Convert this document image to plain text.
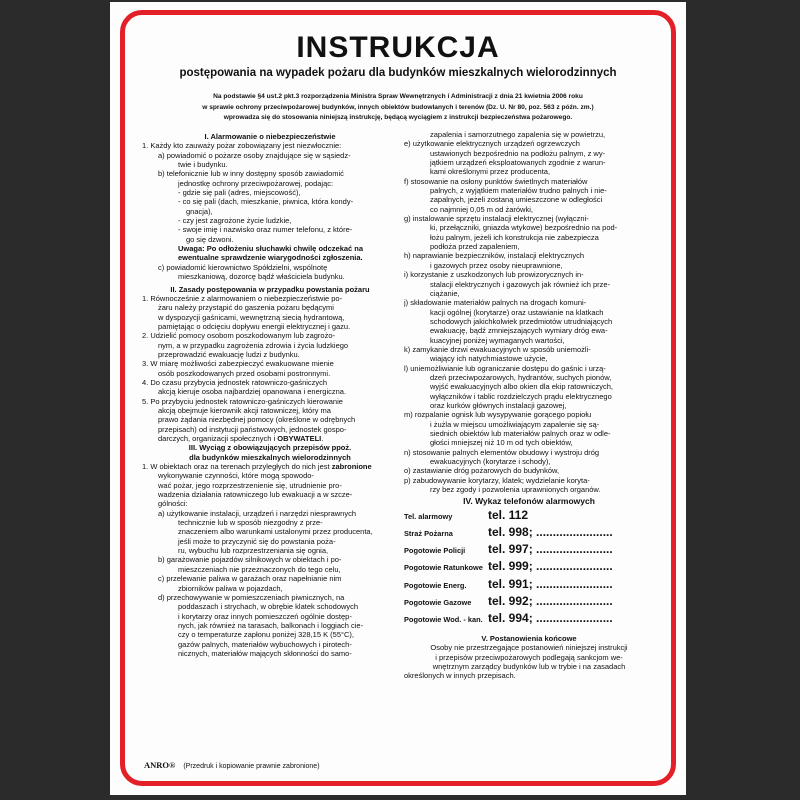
INSTRUKCJA
postępowania na wypadek pożaru dla budynków mieszkalnych wielorodzinnych
Na podstawie §4 ust.2 pkt.3 rozporządzenia Ministra Spraw Wewnętrznych i Administracji z dnia 21 kwietnia 2006 roku
w sprawie ochrony przeciwpożarowej budynków, innych obiektów budowlanych i terenów (Dz. U. Nr 80, poz. 563 z późn. zm.)
wprowadza się do stosowania niniejszą instrukcję, będącą wyciągiem z instrukcji bezpieczeństwa pożarowego.
I. Alarmowanie o niebezpieczeństwie
1. Każdy kto zauważy pożar zobowiązany jest niezwłocznie:
a) powiadomić o pożarze osoby znajdujące się w sąsiedz-
twie i budynku.
b) telefonicznie lub w inny dostępny sposób zawiadomić
jednostkę ochrony przeciwpożarowej, podając:
- gdzie się pali (adres, miejscowość),
- co się pali (dach, mieszkanie, piwnica, która kondy-
gnacja),
- czy jest zagrożone życie ludzkie,
- swoje imię i nazwisko oraz numer telefonu, z które-
go się dzwoni.
Uwaga: Po odłożeniu słuchawki chwilę odczekać na
ewentualne sprawdzenie wiarygodności zgłoszenia.
c) powiadomić kierownictwo Spółdzielni, wspólnotę
mieszkaniową, dozorcę bądź właściciela budynku.
II. Zasady postępowania w przypadku powstania pożaru
1. Równocześnie z alarmowaniem o niebezpieczeństwie po-
żaru należy przystąpić do gaszenia pożaru będącymi
w dyspozycji gaśnicami, wewnętrzną siecią hydrantową,
pamiętając o odcięciu dopływu energii elektrycznej i gazu.
2. Udzielić pomocy osobom poszkodowanym lub zagrożo-
nym, a w przypadku zagrożenia zdrowia i życia ludzkiego
przeprowadzić ewakuację ludzi z budynku.
3. W miarę możliwości zabezpieczyć ewakuowane mienie
osób poszkodowanych przed osobami postronnymi.
4. Do czasu przybycia jednostek ratowniczo-gaśniczych
akcją kieruje osoba najbardziej opanowana i energiczna.
5. Po przybyciu jednostek ratowniczo-gaśniczych kierowanie
akcją obejmuje kierownik akcji ratowniczej, który ma
prawo żądania niezbędnej pomocy (określone w odrębnych
przepisach) od instytucji państwowych, jednostek gospo-
darczych, organizacji społecznych i OBYWATELI.
III. Wyciąg z obowiązujących przepisów ppoż.
dla budynków mieszkalnych wielorodzinnych
1. W obiektach oraz na terenach przyległych do nich jest zabronione
wykonywanie czynności, które mogą spowodo-
wać pożar, jego rozprzestrzenienie się, utrudnienie pro-
wadzenia działania ratowniczego lub ewakuacji a w szcze-
gólności:
a) użytkowanie instalacji, urządzeń i narzędzi niesprawnych
technicznie lub w sposób niezgodny z prze-
znaczeniem albo warunkami ustalonymi przez producenta,
jeśli może to przyczynić się do powstania poża-
ru, wybuchu lub rozprzestrzeniania się ognia,
b) garażowanie pojazdów silnikowych w obiektach i po-
mieszczeniach nie przeznaczonych do tego celu,
c) przelewanie paliwa w garażach oraz napełnianie nim
zbiorników paliwa w pojazdach,
d) przechowywanie w pomieszczeniach piwnicznych, na
poddaszach i strychach, w obrębie klatek schodowych
i korytarzy oraz innych pomieszczeń ogólnie dostęp-
nych, jak również na tarasach, balkonach i loggiach cie-
czy o temperaturze zapłonu poniżej 328,15 K (55°C),
gazów palnych, materiałów wybuchowych i pirotech-
nicznych, materiałów mających skłonności do samo-
zapalenia i samorzutnego zapalenia się w powietrzu,
e) użytkowanie elektrycznych urządzeń ogrzewczych
ustawionych bezpośrednio na podłożu palnym, z wy-
jątkiem urządzeń eksploatowanych zgodnie z warun-
kami określonymi przez producenta,
f) stosowanie na osłony punktów świetlnych materiałów
palnych, z wyjątkiem materiałów trudno palnych i nie-
zapalnych, jeżeli zostaną umieszczone w odległości
co najmniej 0,05 m od żarówki,
g) instalowanie sprzętu instalacji elektrycznej (wyłączni-
ki, przełączniki, gniazda wtykowe) bezpośrednio na pod-
łożu palnym, jeżeli ich konstrukcja nie zabezpiecza
podłoża przed zapaleniem,
h) naprawianie bezpieczników, instalacji elektrycznych
i gazowych przez osoby nieuprawnione,
i) korzystanie z uszkodzonych lub prowizorycznych in-
stalacji elektrycznych i gazowych jak również ich prze-
ciążanie,
j) składowanie materiałów palnych na drogach komuni-
kacji ogólnej (korytarze) oraz ustawianie na klatkach
schodowych jakichkolwiek przedmiotów utrudniających
ewakuację, bądź zmniejszających wymiary dróg ewa-
kuacyjnej poniżej wymaganych wartości,
k) zamykanie drzwi ewakuacyjnych w sposób uniemożli-
wiający ich natychmiastowe użycie,
l) uniemożliwianie lub ograniczanie dostępu do gaśnic i urzą-
dzeń przeciwpożarowych, hydrantów, suchych pionów,
wyjść ewakuacyjnych albo okien dla ekip ratowniczych,
wyłączników i tablic rozdzielczych prądu elektrycznego
oraz kurków głównych instalacji gazowej,
m) rozpalanie ognisk lub wysypywanie gorącego popiołu
i żużla w miejscu umożliwiającym zapalenie się są-
siednich obiektów lub materiałów palnych oraz w odle-
głości mniejszej niż 10 m od tych obiektów,
n) stosowanie palnych elementów obudowy i wystroju dróg
ewakuacyjnych (korytarze i schody),
o) zastawianie dróg pożarowych do budynków,
p) zabudowywanie korytarzy, klatek; wydzielanie koryta-
rzy bez zgody i pozwolenia uprawnionych organów.
IV. Wykaz telefonów alarmowych
Tel. alarmowy	tel. 112
Straż Pożarna	tel. 998; .......................
Pogotowie Policji	tel. 997; .......................
Pogotowie Ratunkowe tel. 999; .......................
Pogotowie Energ.	tel. 991; .......................
Pogotowie Gazowe	tel. 992; .......................
Pogotowie Wod. - kan. tel. 994; .......................
V. Postanowienia końcowe
Osoby nie przestrzegające postanowień niniejszej instrukcji
i przepisów przeciwpożarowych podlegają sankcjom we-
wnętrznym zarządcy budynków lub w trybie i na zasadach
określonych w innych przepisach.
ANRO® (Przedruk i kopiowanie prawnie zabronione)
